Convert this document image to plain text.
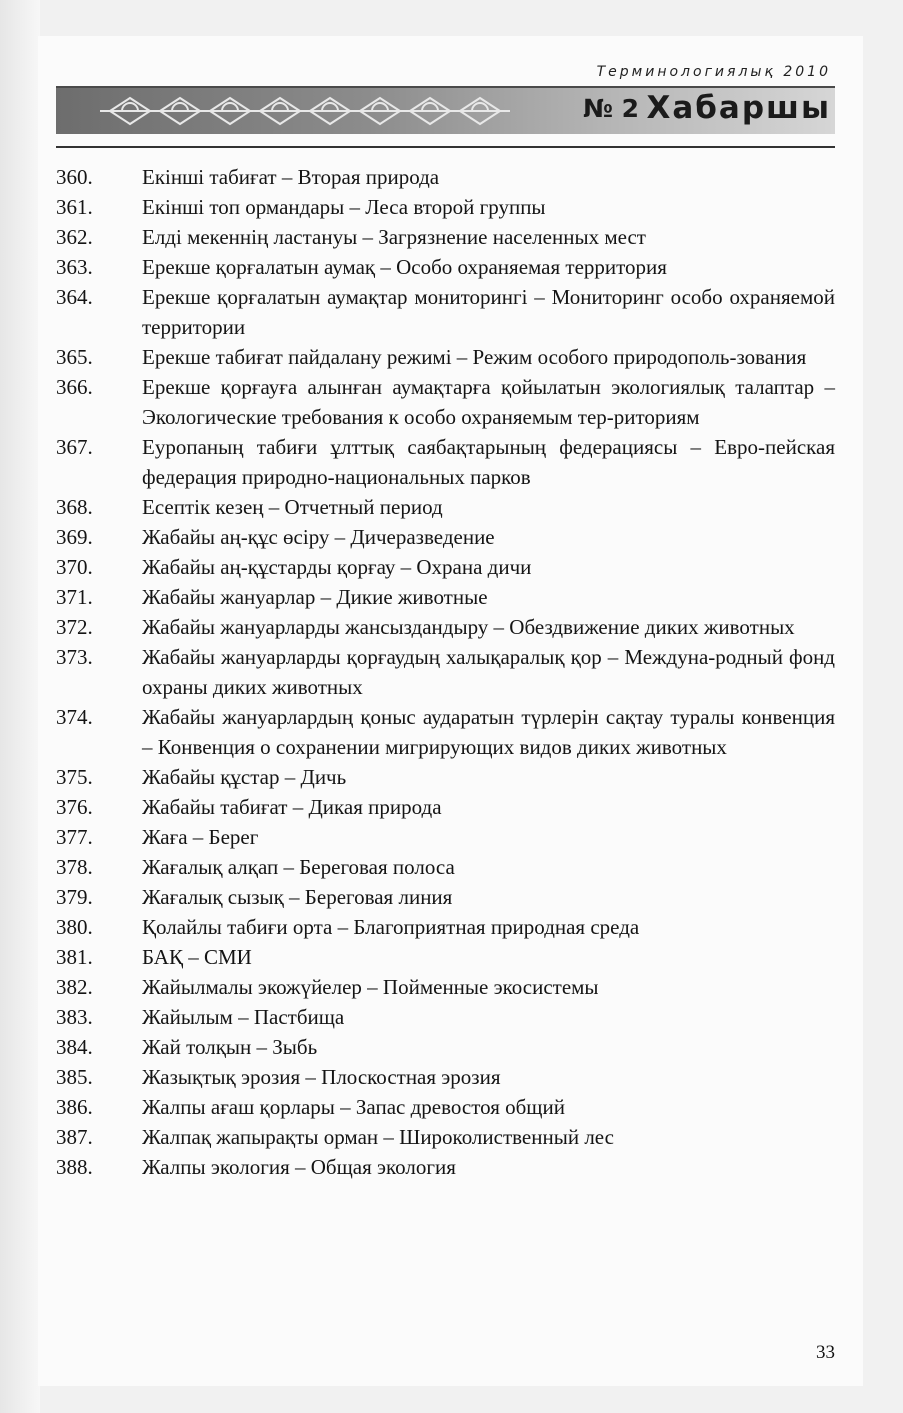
Терминологиялық 2010
№ 2 Хабаршы
360.	Екінші табиғат – Вторая природа
361.	Екінші топ ормандары – Леса второй группы
362.	Елді мекеннің ластануы – Загрязнение населенных мест
363.	Ерекше қорғалатын аумақ – Особо охраняемая территория
364.	Ерекше қорғалатын аумақтар мониторингі – Мониторинг особо охраняемой территории
365.	Ерекше табиғат пайдалану режимі – Режим особого природополь-зования
366.	Ерекше қорғауға алынған аумақтарға қойылатын экологиялық талаптар – Экологические требования к особо охраняемым тер-риториям
367.	Еуропаның табиғи ұлттық саябақтарының федерациясы – Евро-пейская федерация природно-национальных парков
368.	Есептік кезең – Отчетный период
369.	Жабайы аң-құс өсіру – Дичеразведение
370.	Жабайы аң-құстарды қорғау – Охрана дичи
371.	Жабайы жануарлар – Дикие животные
372.	Жабайы жануарларды жансыздандыру – Обездвижение диких животных
373.	Жабайы жануарларды қорғаудың халықаралық қор – Междуна-родный фонд охраны диких животных
374.	Жабайы жануарлардың қоныс аударатын түрлерін сақтау туралы конвенция – Конвенция о сохранении мигрирующих видов диких животных
375.	Жабайы құстар – Дичь
376.	Жабайы табиғат – Дикая природа
377.	Жаға – Берег
378.	Жағалық алқап – Береговая полоса
379.	Жағалық сызық – Береговая линия
380.	Қолайлы табиғи орта – Благоприятная природная среда
381.	БАҚ – СМИ
382.	Жайылмалы экожүйелер – Пойменные экосистемы
383.	Жайылым – Пастбища
384.	Жай толқын – Зыбь
385.	Жазықтық эрозия – Плоскостная эрозия
386.	Жалпы ағаш қорлары – Запас древостоя общий
387.	Жалпақ жапырақты орман – Широколиственный лес
388.	Жалпы экология – Общая экология
33
